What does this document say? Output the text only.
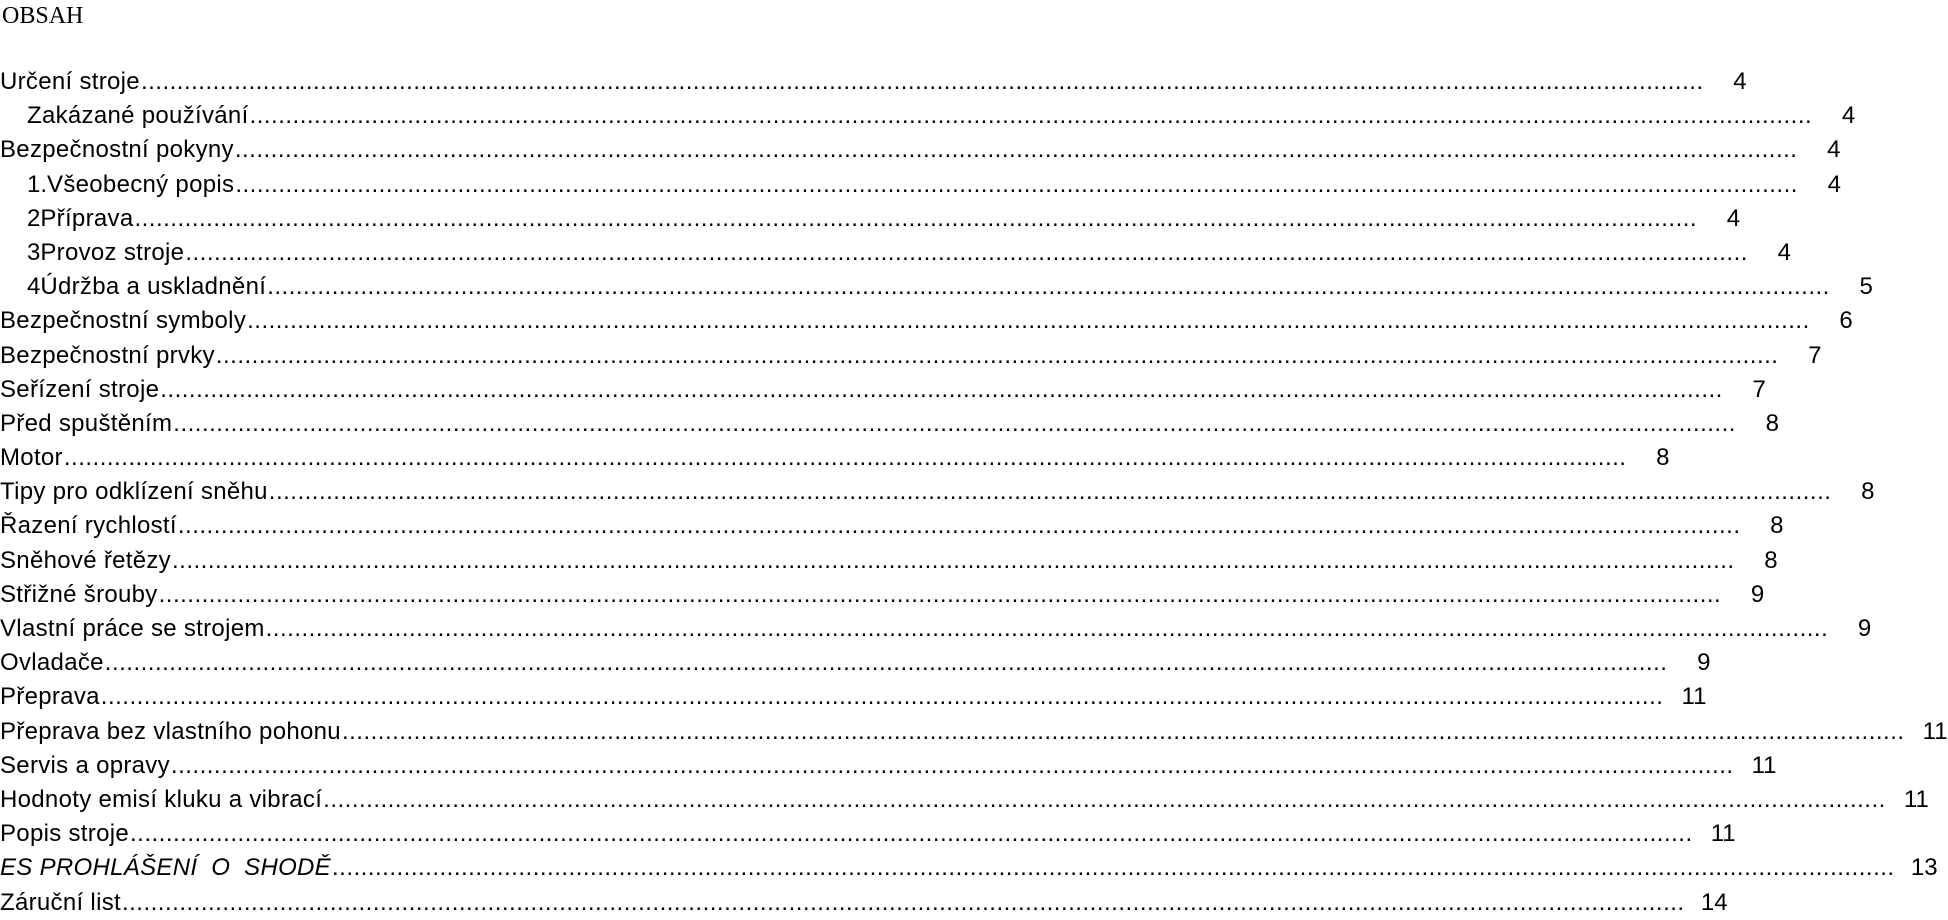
OBSAH
Určení stroje .....	4
Zakázané používání .....	4
Bezpečnostní pokyny .....	4
1. Všeobecný popis .....	4
2 Příprava .....	4
3 Provoz stroje .....	4
4 Údržba a uskladnění .....	5
Bezpečnostní symboly .....	6
Bezpečnostní prvky .....	7
Seřízení stroje .....	7
Před spuštěním .....	8
Motor .....	8
Tipy pro odklízení sněhu .....	8
Řazení rychlostí .....	8
Sněhové řetězy .....	8
Střižné šrouby .....	9
Vlastní práce se strojem .....	9
Ovladače .....	9
Přeprava .....	11
Přeprava bez vlastního pohonu .....	11
Servis a opravy .....	11
Hodnoty emisí kluku a vibrací .....	11
Popis stroje .....	11
ES PROHLÁŠENÍ  O  SHODĚ .....	13
Záruční list .....	14
